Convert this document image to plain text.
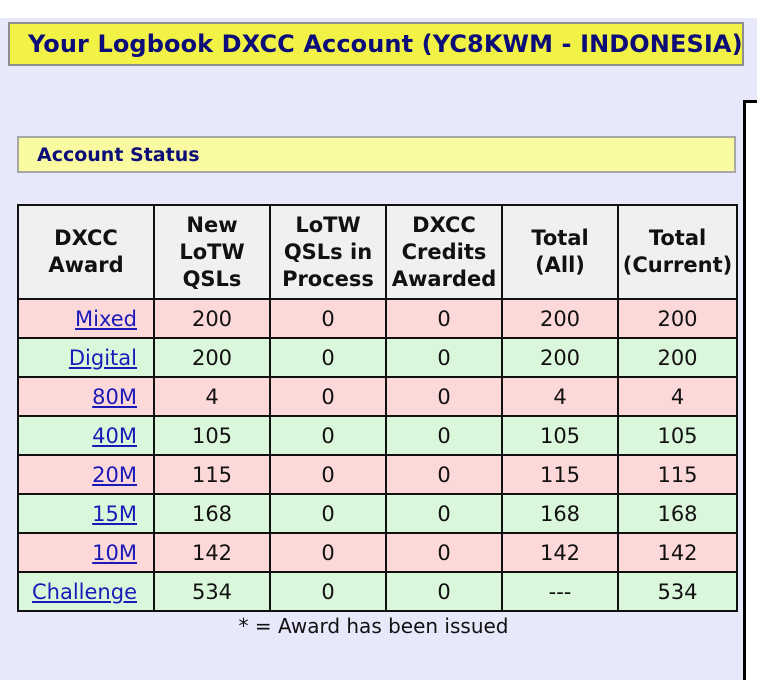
Your Logbook DXCC Account (YC8KWM - INDONESIA)
Account Status
DXCC Award	New LoTW QSLs	LoTW QSLs in Process	DXCC Credits Awarded	Total (All)	Total (Current)
Mixed	200	0	0	200	200
Digital	200	0	0	200	200
80M	4	0	0	4	4
40M	105	0	0	105	105
20M	115	0	0	115	115
15M	168	0	0	168	168
10M	142	0	0	142	142
Challenge	534	0	0	---	534
* = Award has been issued
